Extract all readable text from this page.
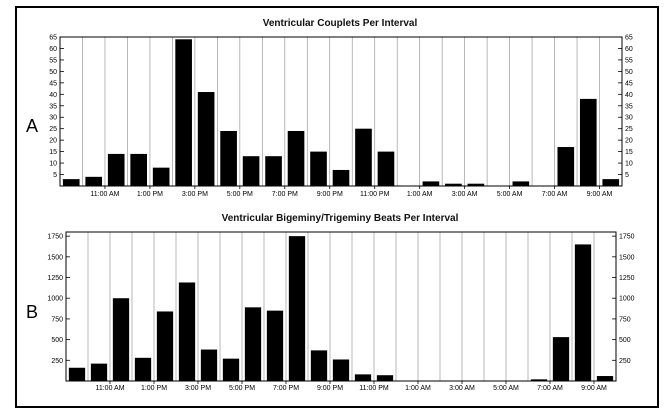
A
B
Ventricular Couplets Per Interval
5	5
10	10
15	15
20	20
25	25
30	30
35	35
40	40
45	45
50	50
55	55
60	60
65	65
11:00 AM 1:00 PM	3:00 PM	5:00 PM	7:00 PM	9:00 PM 11:00 PM 1:00 AM	3:00 AM	5:00 AM	7:00 AM	9:00 AM
Ventricular Bigeminy/Trigeminy Beats Per Interval
250	250
500	500
750	750
1000	1000
1250	1250
1500	1500
1750	1750
11:00 AM 1:00 PM	3:00 PM	5:00 PM	7:00 PM	9:00 PM 11:00 PM 1:00 AM	3:00 AM	5:00 AM	7:00 AM	9:00 AM
